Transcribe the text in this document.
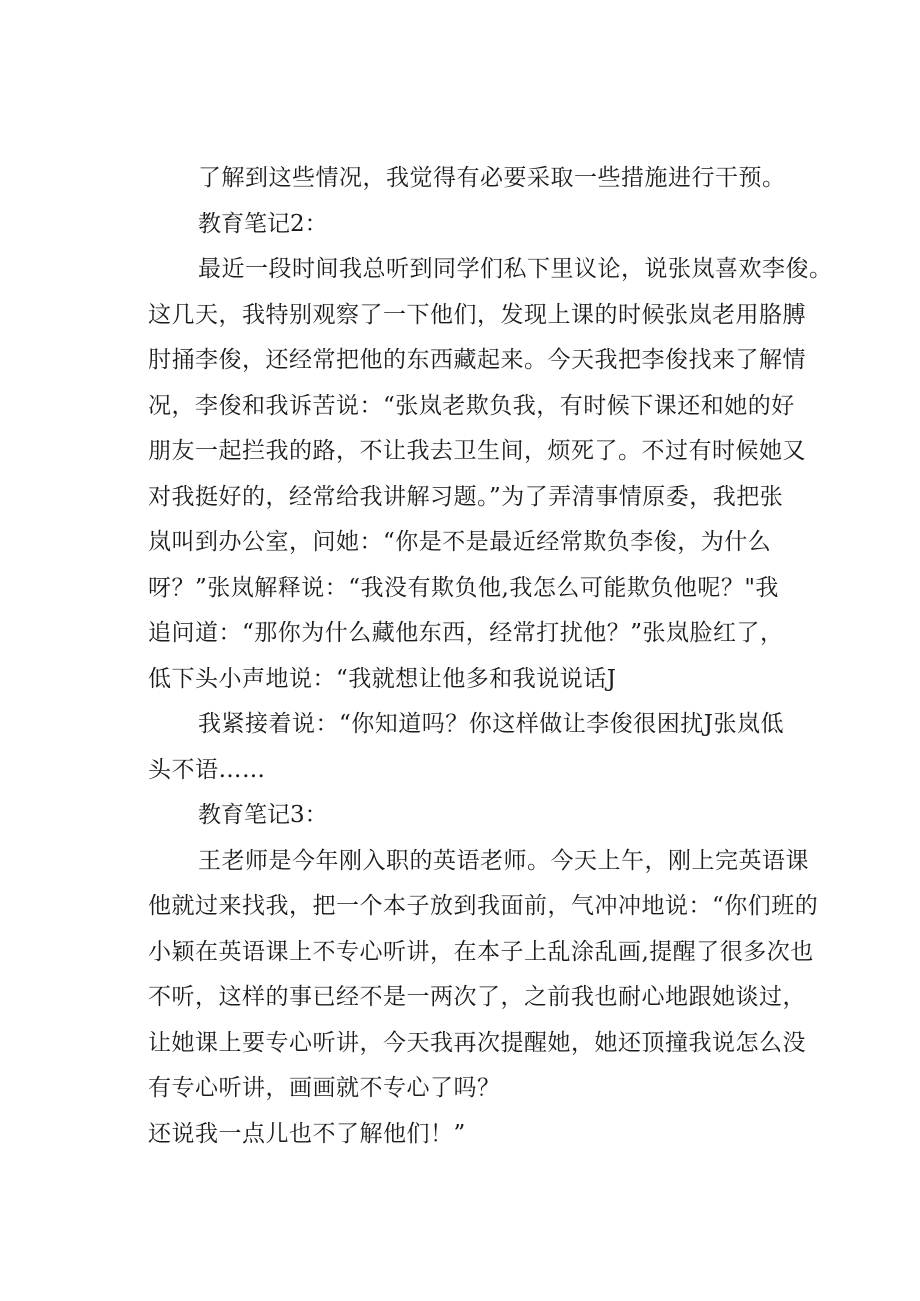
了解到这些情况，我觉得有必要采取一些措施进行干预。

教育笔记2：

最近一段时间我总听到同学们私下里议论，说张岚喜欢李俊。
这几天，我特别观察了一下他们，发现上课的时候张岚老用胳膊
肘捅李俊，还经常把他的东西藏起来。今天我把李俊找来了解情
况，李俊和我诉苦说：“张岚老欺负我，有时候下课还和她的好
朋友一起拦我的路，不让我去卫生间，烦死了。不过有时候她又
对我挺好的，经常给我讲解习题。”为了弄清事情原委，我把张
岚叫到办公室，问她：“你是不是最近经常欺负李俊，为什么
呀？”张岚解释说：“我没有欺负他,我怎么可能欺负他呢？"我
追问道：“那你为什么藏他东西，经常打扰他？”张岚脸红了，
低下头小声地说：“我就想让他多和我说说话J

我紧接着说：“你知道吗？你这样做让李俊很困扰J张岚低
头不语……

教育笔记3：

王老师是今年刚入职的英语老师。今天上午，刚上完英语课
他就过来找我，把一个本子放到我面前，气冲冲地说：“你们班的
小颖在英语课上不专心听讲，在本子上乱涂乱画,提醒了很多次也
不听，这样的事已经不是一两次了，之前我也耐心地跟她谈过，
让她课上要专心听讲，今天我再次提醒她，她还顶撞我说怎么没
有专心听讲，画画就不专心了吗？

还说我一点儿也不了解他们！”
